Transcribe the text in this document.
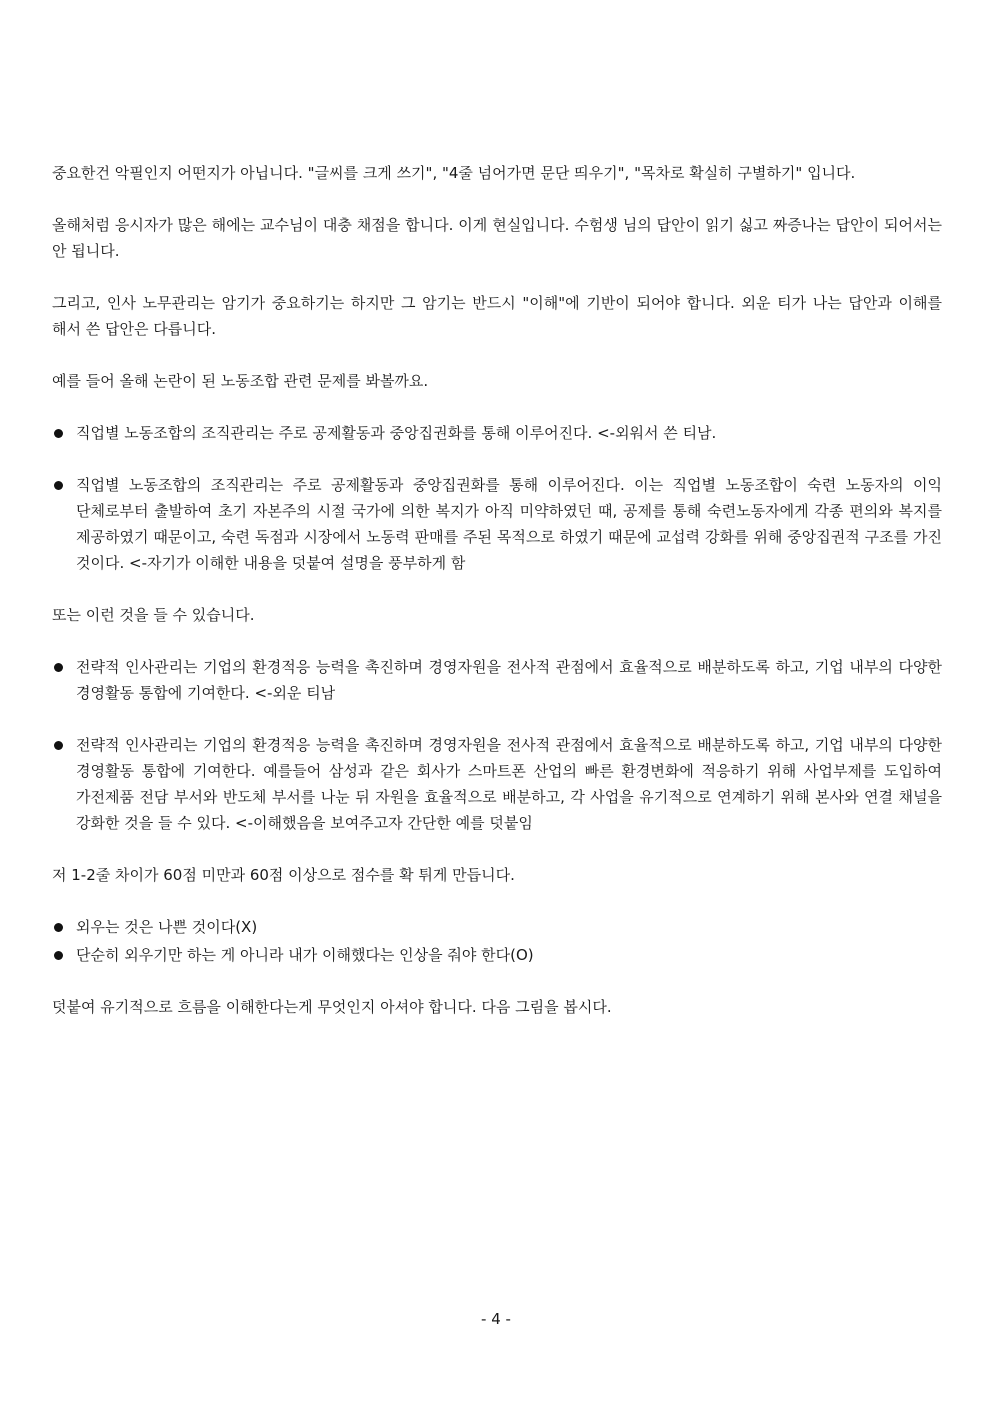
중요한건 악필인지 어떤지가 아닙니다. "글씨를 크게 쓰기", "4줄 넘어가면 문단 띄우기", "목차로 확실히 구별하기" 입니다.

올해처럼 응시자가 많은 해에는 교수님이 대충 채점을 합니다. 이게 현실입니다. 수험생 님의 답안이 읽기 싫고 짜증나는 답안이 되어서는 안 됩니다.

그리고, 인사 노무관리는 암기가 중요하기는 하지만 그 암기는 반드시 "이해"에 기반이 되어야 합니다. 외운 티가 나는 답안과 이해를 해서 쓴 답안은 다릅니다.

예를 들어 올해 논란이 된 노동조합 관련 문제를 봐볼까요.

직업별 노동조합의 조직관리는 주로 공제활동과 중앙집권화를 통해 이루어진다. <-외워서 쓴 티남.
직업별 노동조합의 조직관리는 주로 공제활동과 중앙집권화를 통해 이루어진다. 이는 직업별 노동조합이 숙련 노동자의 이익 단체로부터 출발하여 초기 자본주의 시절 국가에 의한 복지가 아직 미약하였던 때, 공제를 통해 숙련노동자에게 각종 편의와 복지를 제공하였기 때문이고, 숙련 독점과 시장에서 노동력 판매를 주된 목적으로 하였기 때문에 교섭력 강화를 위해 중앙집권적 구조를 가진 것이다. <-자기가 이해한 내용을 덧붙여 설명을 풍부하게 함

또는 이런 것을 들 수 있습니다.

전략적 인사관리는 기업의 환경적응 능력을 촉진하며 경영자원을 전사적 관점에서 효율적으로 배분하도록 하고, 기업 내부의 다양한 경영활동 통합에 기여한다. <-외운 티남
전략적 인사관리는 기업의 환경적응 능력을 촉진하며 경영자원을 전사적 관점에서 효율적으로 배분하도록 하고, 기업 내부의 다양한 경영활동 통합에 기여한다. 예를들어 삼성과 같은 회사가 스마트폰 산업의 빠른 환경변화에 적응하기 위해 사업부제를 도입하여 가전제품 전담 부서와 반도체 부서를 나눈 뒤 자원을 효율적으로 배분하고, 각 사업을 유기적으로 연계하기 위해 본사와 연결 채널을 강화한 것을 들 수 있다. <-이해했음을 보여주고자 간단한 예를 덧붙임

저 1-2줄 차이가 60점 미만과 60점 이상으로 점수를 확 튀게 만듭니다.

외우는 것은 나쁜 것이다(X)
단순히 외우기만 하는 게 아니라 내가 이해했다는 인상을 줘야 한다(O)

덧붙여 유기적으로 흐름을 이해한다는게 무엇인지 아셔야 합니다. 다음 그림을 봅시다.

- 4 -
